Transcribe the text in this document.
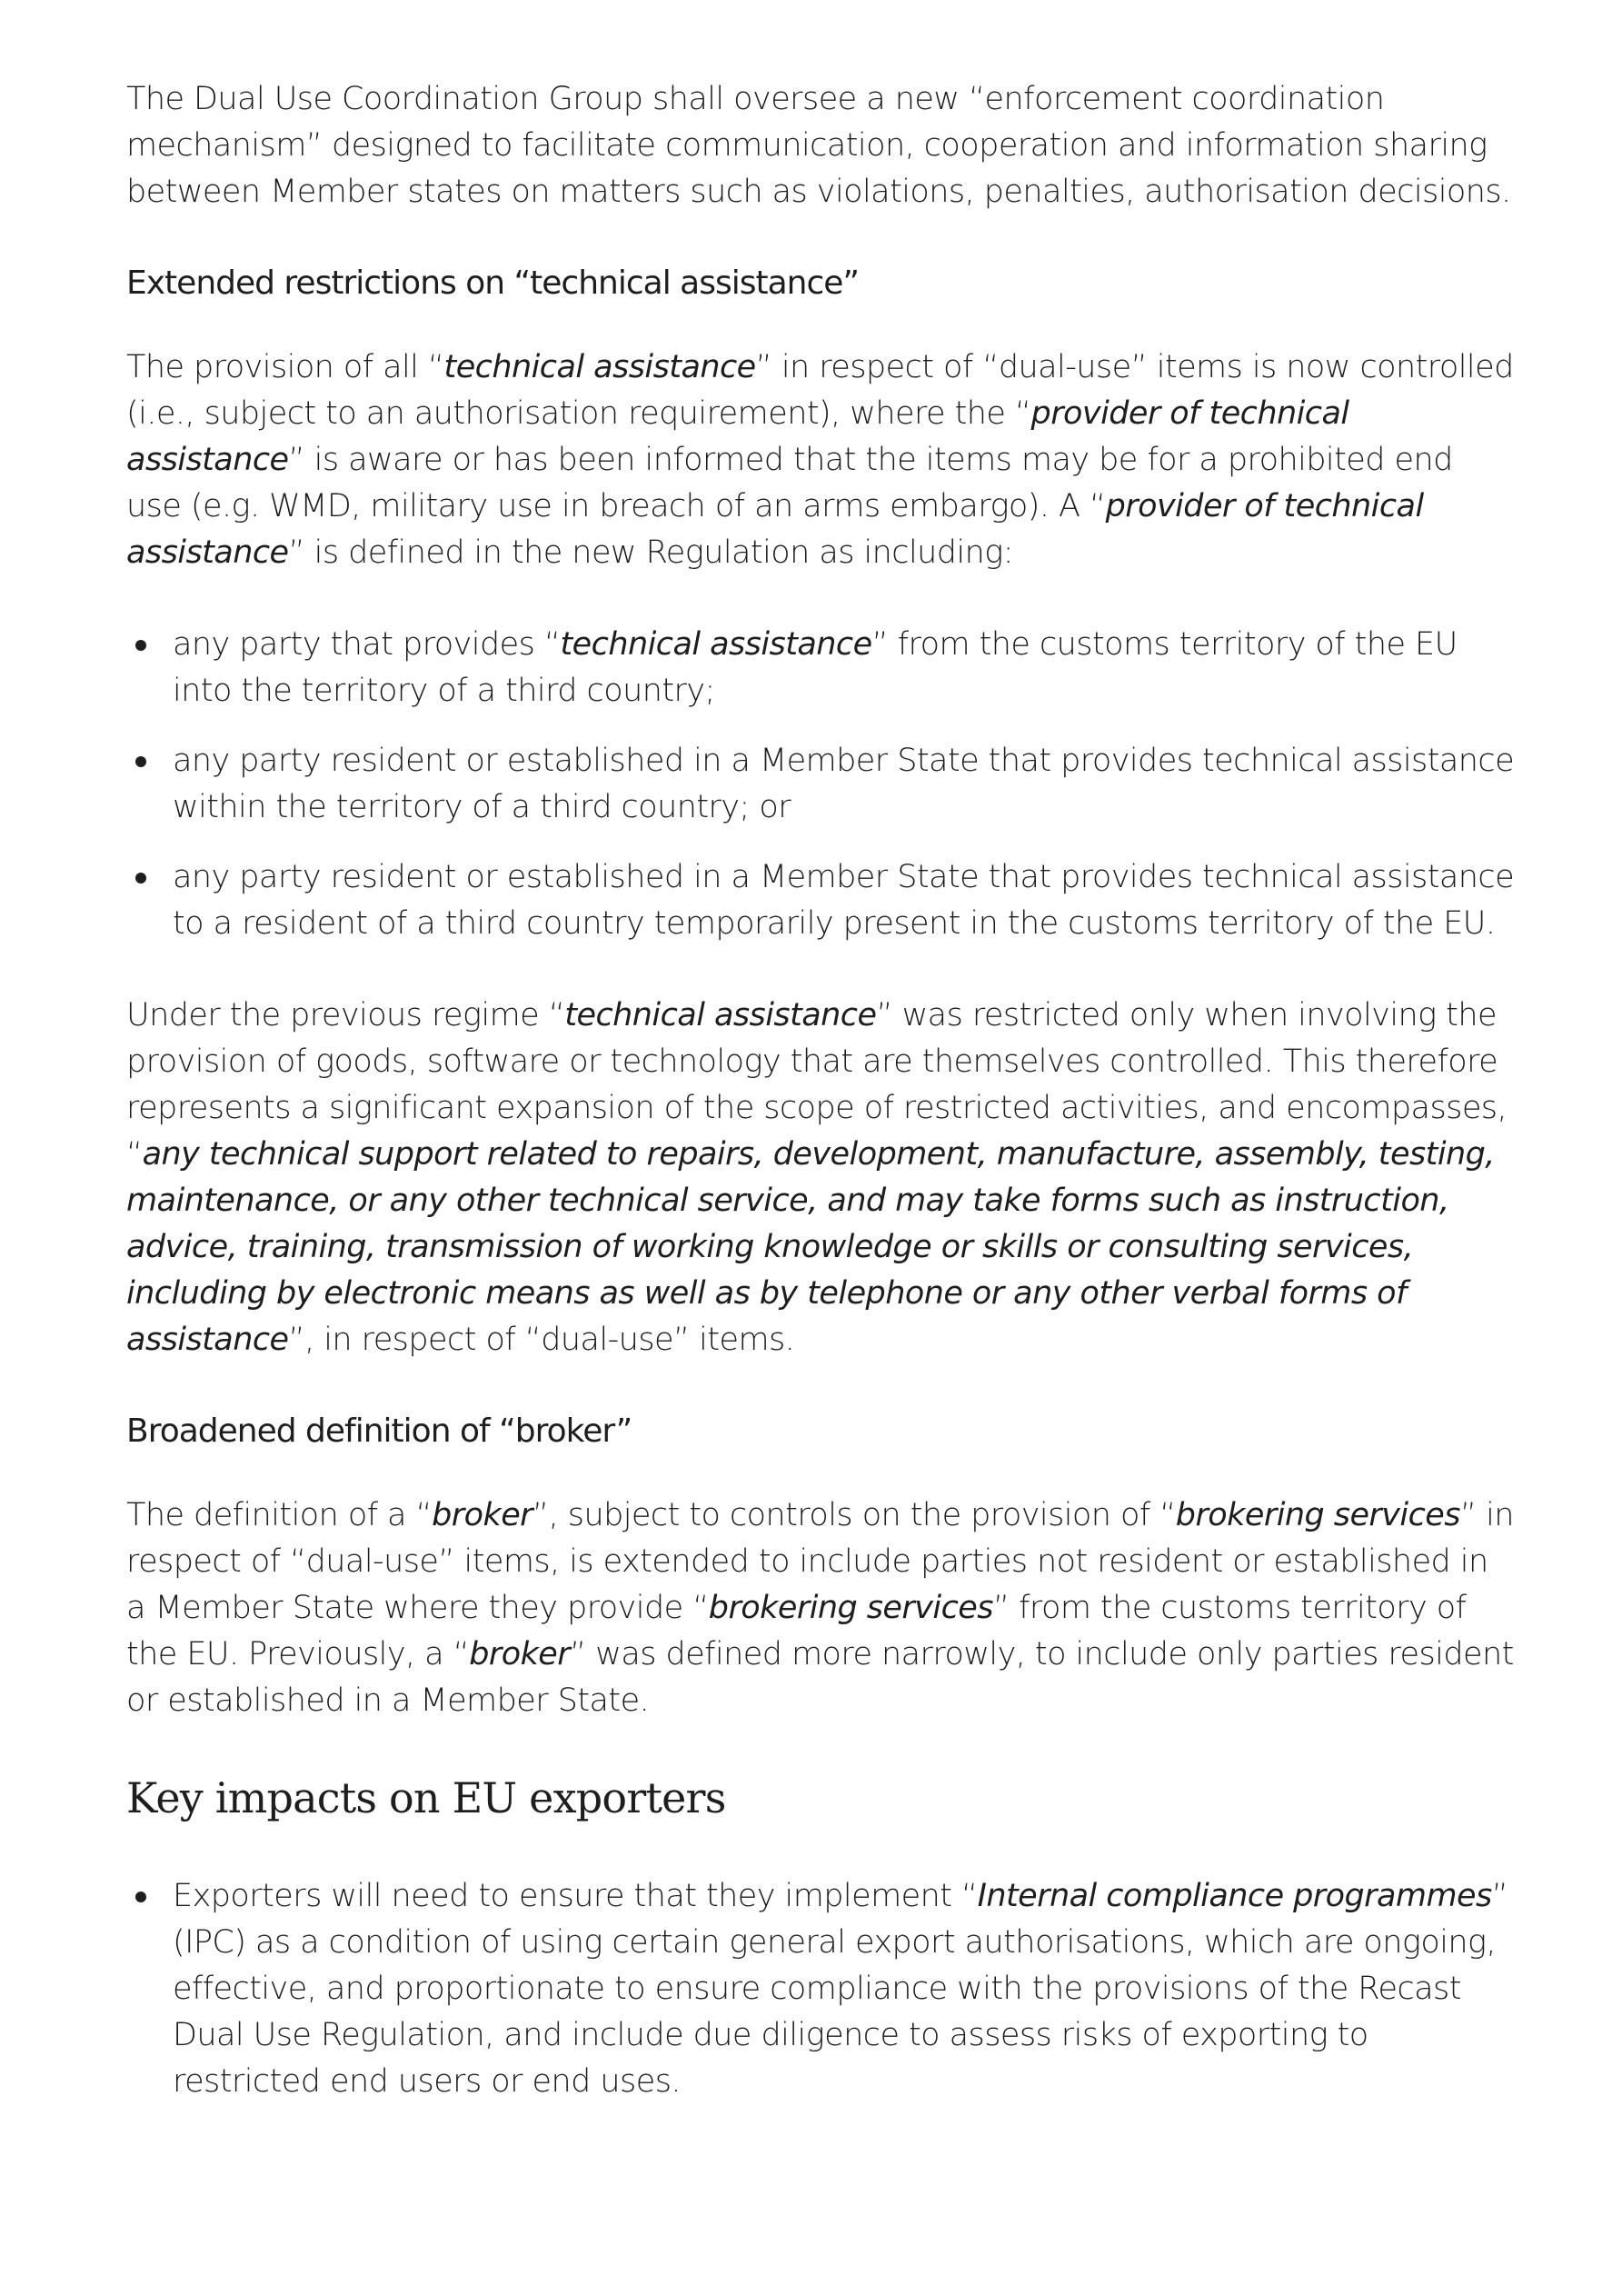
The Dual Use Coordination Group shall oversee a new “enforcement coordination mechanism” designed to facilitate communication, cooperation and information sharing between Member states on matters such as violations, penalties, authorisation decisions.

Extended restrictions on “technical assistance”

The provision of all “technical assistance” in respect of “dual-use” items is now controlled (i.e., subject to an authorisation requirement), where the “provider of technical assistance” is aware or has been informed that the items may be for a prohibited end use (e.g. WMD, military use in breach of an arms embargo). A “provider of technical assistance” is defined in the new Regulation as including:

any party that provides “technical assistance” from the customs territory of the EU into the territory of a third country;
any party resident or established in a Member State that provides technical assistance within the territory of a third country; or
any party resident or established in a Member State that provides technical assistance to a resident of a third country temporarily present in the customs territory of the EU.

Under the previous regime “technical assistance” was restricted only when involving the provision of goods, software or technology that are themselves controlled. This therefore represents a significant expansion of the scope of restricted activities, and encompasses, “any technical support related to repairs, development, manufacture, assembly, testing, maintenance, or any other technical service, and may take forms such as instruction, advice, training, transmission of working knowledge or skills or consulting services, including by electronic means as well as by telephone or any other verbal forms of assistance”, in respect of “dual-use” items.

Broadened definition of “broker”

The definition of a “broker”, subject to controls on the provision of “brokering services” in respect of “dual-use” items, is extended to include parties not resident or established in a Member State where they provide “brokering services” from the customs territory of the EU. Previously, a “broker” was defined more narrowly, to include only parties resident or established in a Member State.

Key impacts on EU exporters
Exporters will need to ensure that they implement “Internal compliance programmes” (IPC) as a condition of using certain general export authorisations, which are ongoing, effective, and proportionate to ensure compliance with the provisions of the Recast Dual Use Regulation, and include due diligence to assess risks of exporting to restricted end users or end uses.
